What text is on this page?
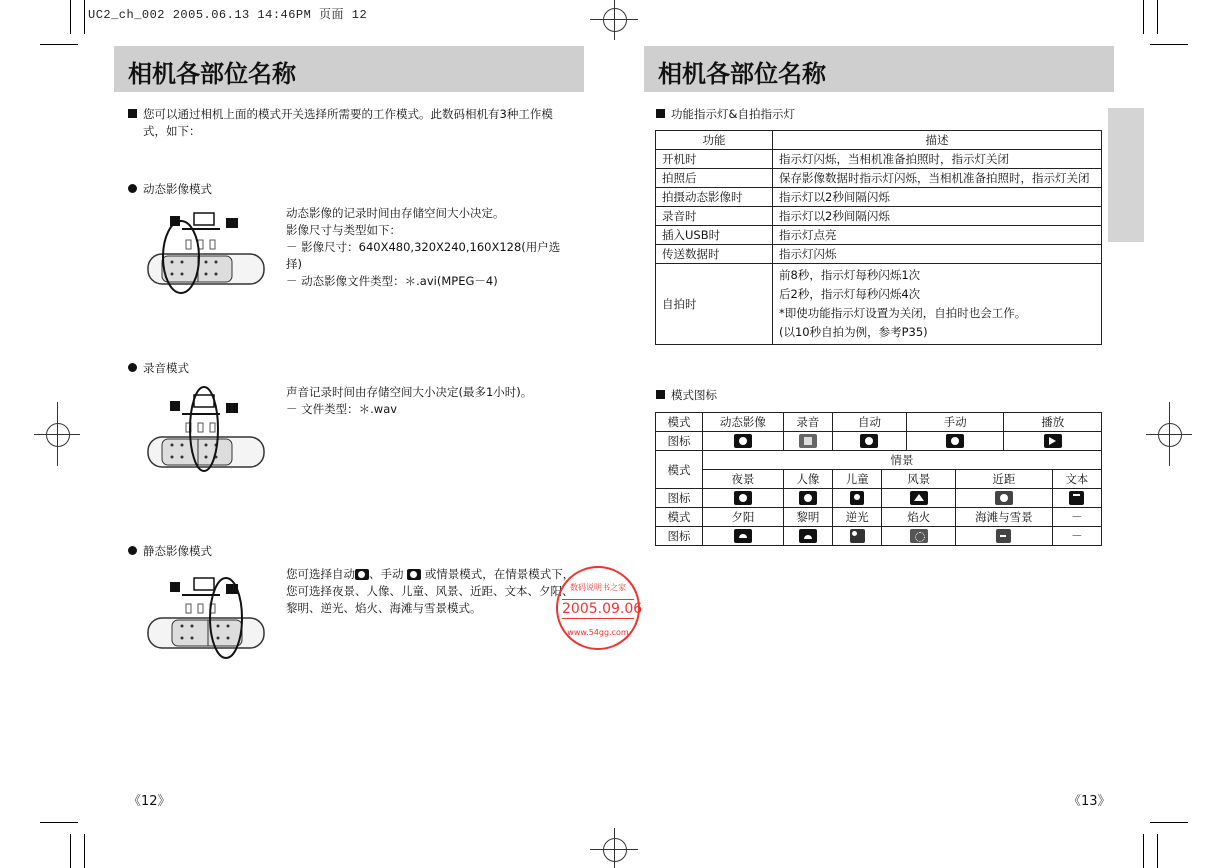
UC2_ch_002 2005.06.13 14:46PM 页面 12
相机各部位名称
您可以通过相机上面的模式开关选择所需要的工作模式。此数码相机有3种工作模
式，如下：
动态影像模式
动态影像的记录时间由存储空间大小决定。
影像尺寸与类型如下：
－ 影像尺寸：640X480,320X240,160X128(用户选择)
－ 动态影像文件类型：＊.avi(MPEG－4)
录音模式
声音记录时间由存储空间大小决定(最多1小时)。
－ 文件类型：＊.wav
静态影像模式
您可选择自动 、手动 或情景模式，在情景模式下，
您可选择夜景、人像、儿童、风景、近距、文本、夕阳、
黎明、逆光、焰火、海滩与雪景模式。
数码说明书之家
2005.09.06
www.54gg.com
《12》
相机各部位名称
功能指示灯&自拍指示灯
功能	描述
开机时	指示灯闪烁，当相机准备拍照时，指示灯关闭
拍照后	保存影像数据时指示灯闪烁，当相机准备拍照时，指示灯关闭
拍摄动态影像时	指示灯以2秒间隔闪烁
录音时	指示灯以2秒间隔闪烁
插入USB时	指示灯点亮
传送数据时	指示灯闪烁
自拍时	前8秒，指示灯每秒闪烁1次
后2秒，指示灯每秒闪烁4次
*即使功能指示灯设置为关闭，自拍时也会工作。
(以10秒自拍为例，参考P35)
模式图标
模式	动态影像	录音	自动		手动		播放	
图标				

模式	情景							
	夜景	人像	儿童	风景		近距		文本
图标			

模式	夕阳	黎明	逆光	焰火		海滩与雪景		－
图标								－
《13》
